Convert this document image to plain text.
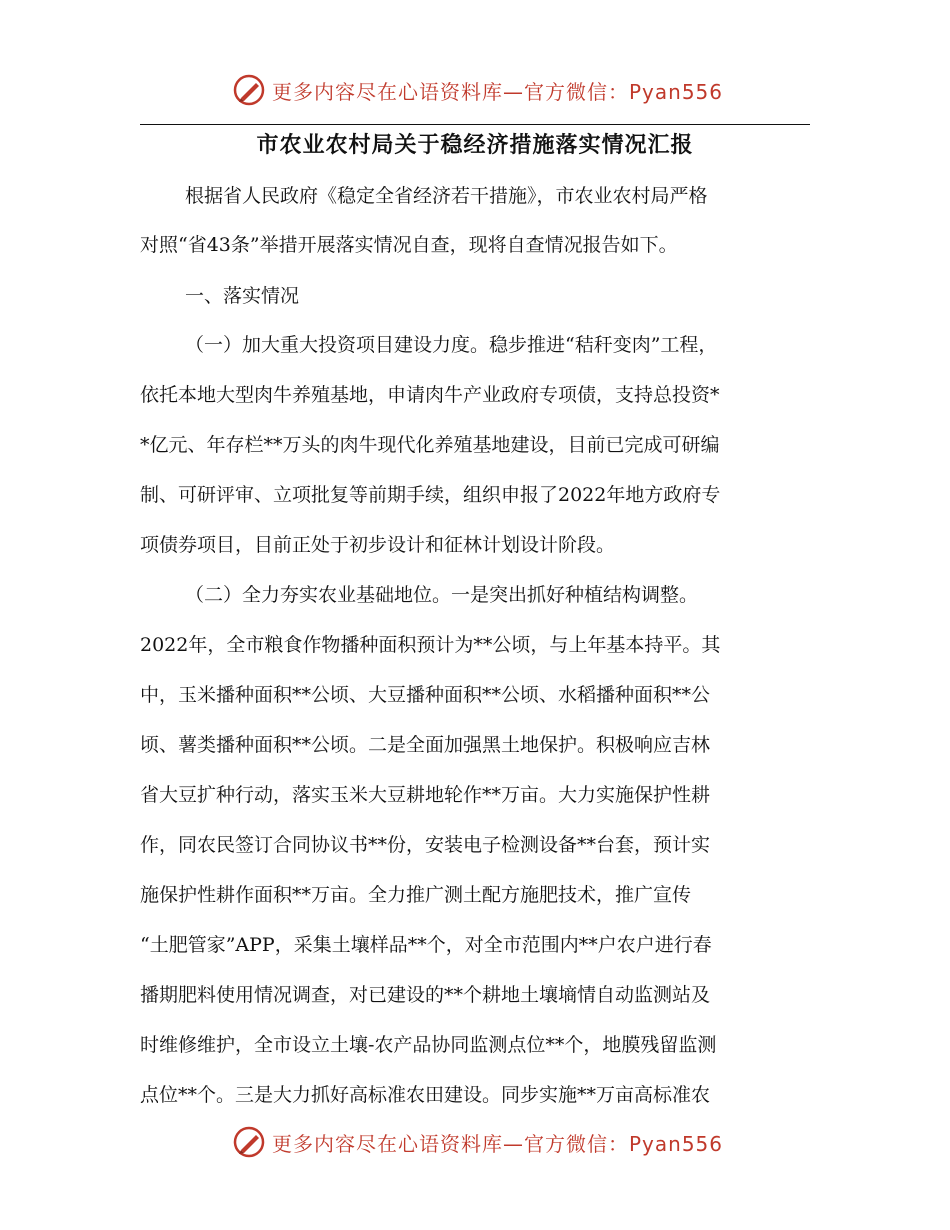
更多内容尽在心语资料库—官方微信：Pyan556
市农业农村局关于稳经济措施落实情况汇报
根据省人民政府《稳定全省经济若干措施》，市农业农村局严格
对照“省43条”举措开展落实情况自查，现将自查情况报告如下。
一、落实情况
（一）加大重大投资项目建设力度。稳步推进“秸秆变肉”工程，
依托本地大型肉牛养殖基地，申请肉牛产业政府专项债，支持总投资*
*亿元、年存栏**万头的肉牛现代化养殖基地建设，目前已完成可研编
制、可研评审、立项批复等前期手续，组织申报了2022年地方政府专
项债券项目，目前正处于初步设计和征林计划设计阶段。
（二）全力夯实农业基础地位。一是突出抓好种植结构调整。
2022年，全市粮食作物播种面积预计为**公顷，与上年基本持平。其
中，玉米播种面积**公顷、大豆播种面积**公顷、水稻播种面积**公
顷、薯类播种面积**公顷。二是全面加强黑土地保护。积极响应吉林
省大豆扩种行动，落实玉米大豆耕地轮作**万亩。大力实施保护性耕
作，同农民签订合同协议书**份，安装电子检测设备**台套，预计实
施保护性耕作面积**万亩。全力推广测土配方施肥技术，推广宣传
“土肥管家”APP，采集土壤样品**个，对全市范围内**户农户进行春
播期肥料使用情况调查，对已建设的**个耕地土壤墒情自动监测站及
时维修维护，全市设立土壤-农产品协同监测点位**个，地膜残留监测
点位**个。三是大力抓好高标准农田建设。同步实施**万亩高标准农
更多内容尽在心语资料库—官方微信：Pyan556
